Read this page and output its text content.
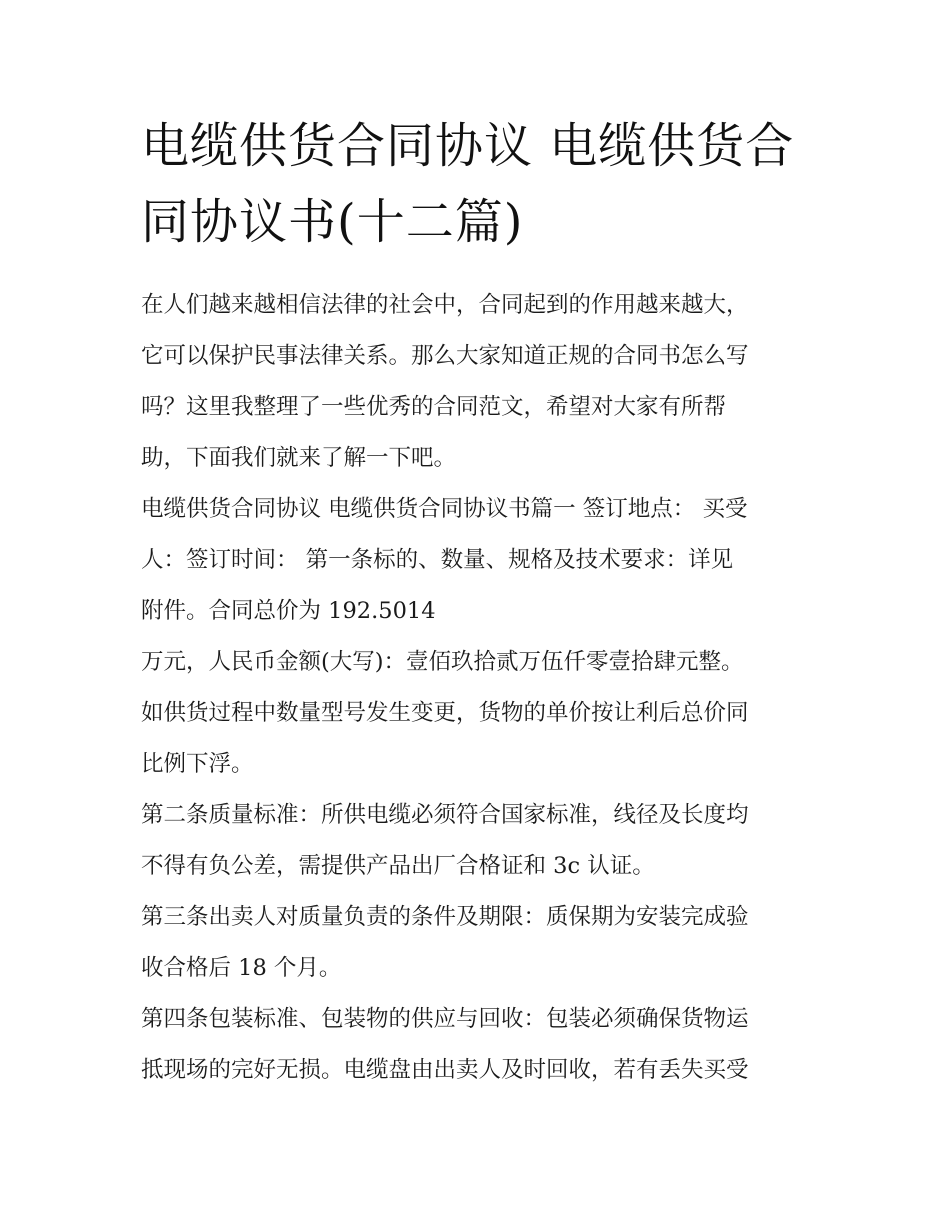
电缆供货合同协议 电缆供货合
同协议书(十二篇)

在人们越来越相信法律的社会中，合同起到的作用越来越大，
它可以保护民事法律关系。那么大家知道正规的合同书怎么写
吗？这里我整理了一些优秀的合同范文，希望对大家有所帮
助，下面我们就来了解一下吧。

电缆供货合同协议 电缆供货合同协议书篇一 签订地点： 买受
人：签订时间： 第一条标的、数量、规格及技术要求：详见
附件。合同总价为 192.5014

万元，人民币金额(大写)：壹佰玖拾贰万伍仟零壹拾肆元整。
如供货过程中数量型号发生变更，货物的单价按让利后总价同
比例下浮。

第二条质量标准：所供电缆必须符合国家标准，线径及长度均
不得有负公差，需提供产品出厂合格证和 3c 认证。

第三条出卖人对质量负责的条件及期限：质保期为安装完成验
收合格后 18 个月。

第四条包装标准、包装物的供应与回收：包装必须确保货物运
抵现场的完好无损。电缆盘由出卖人及时回收，若有丢失买受
